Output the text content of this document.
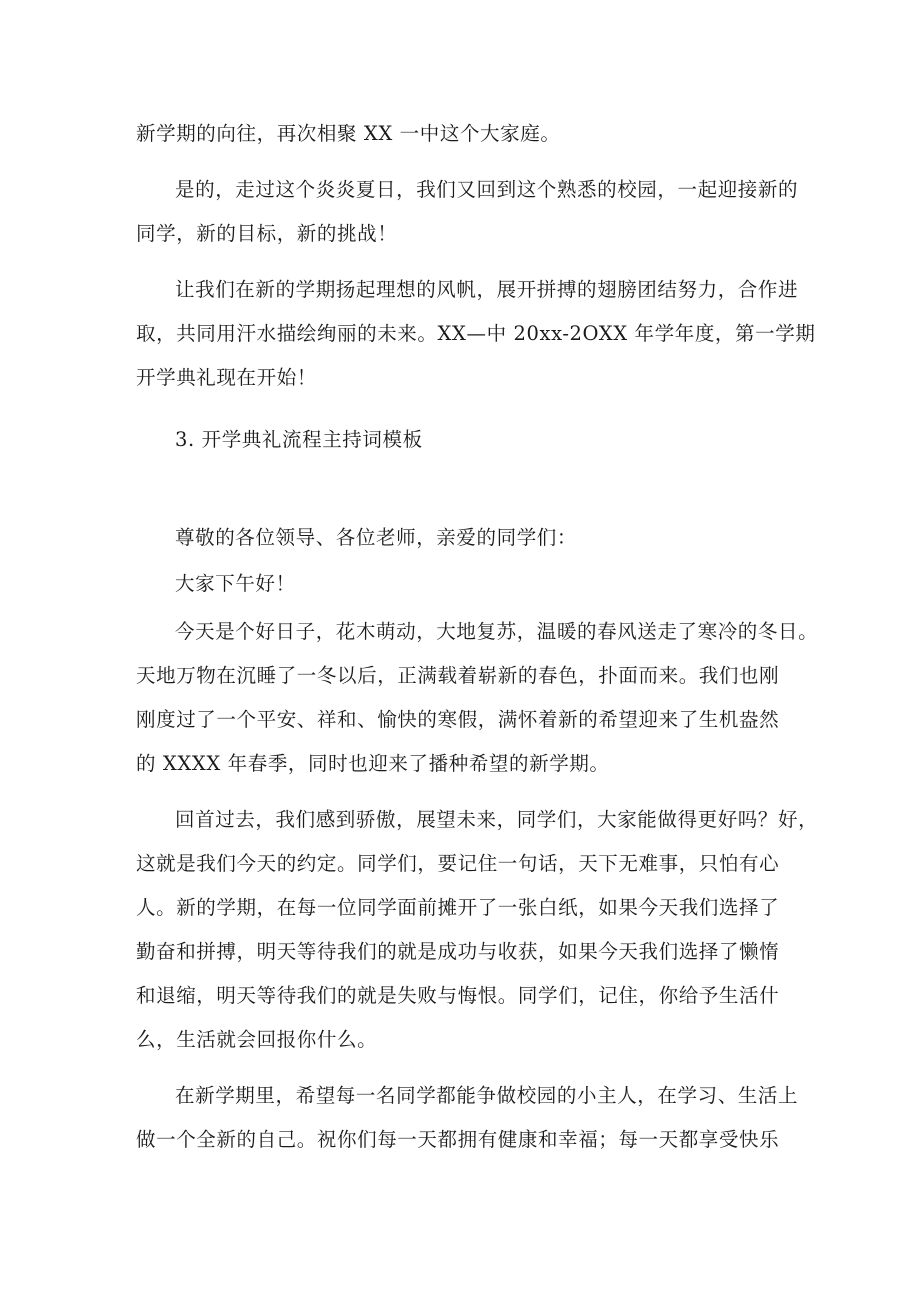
新学期的向往，再次相聚 XX 一中这个大家庭。

是的，走过这个炎炎夏日，我们又回到这个熟悉的校园，一起迎接新的
同学，新的目标，新的挑战！

让我们在新的学期扬起理想的风帆，展开拼搏的翅膀团结努力，合作进
取，共同用汗水描绘绚丽的未来。XX—中 20xx-2OXX 年学年度，第一学期
开学典礼现在开始！

3. 开学典礼流程主持词模板

尊敬的各位领导、各位老师，亲爱的同学们：

大家下午好！

今天是个好日子，花木萌动，大地复苏，温暖的春风送走了寒冷的冬日。
天地万物在沉睡了一冬以后，正满载着崭新的春色，扑面而来。我们也刚
刚度过了一个平安、祥和、愉快的寒假，满怀着新的希望迎来了生机盎然
的 XXXX 年春季，同时也迎来了播种希望的新学期。

回首过去，我们感到骄傲，展望未来，同学们，大家能做得更好吗？好，
这就是我们今天的约定。同学们，要记住一句话，天下无难事，只怕有心
人。新的学期，在每一位同学面前摊开了一张白纸，如果今天我们选择了
勤奋和拼搏，明天等待我们的就是成功与收获，如果今天我们选择了懒惰
和退缩，明天等待我们的就是失败与悔恨。同学们，记住，你给予生活什
么，生活就会回报你什么。

在新学期里，希望每一名同学都能争做校园的小主人，在学习、生活上
做一个全新的自己。祝你们每一天都拥有健康和幸福；每一天都享受快乐
